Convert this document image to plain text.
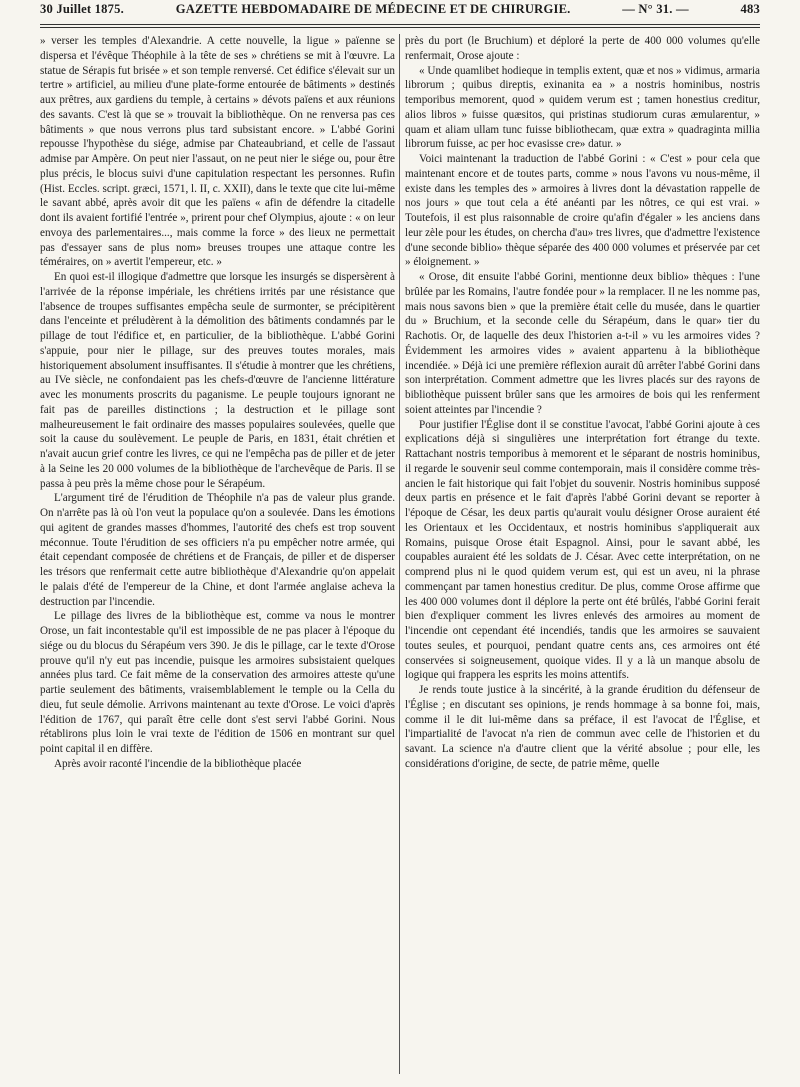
30 Juillet 1875.	GAZETTE HEBDOMADAIRE DE MÉDECINE ET DE CHIRURGIE.	— N° 31. —	483

» verser les temples d'Alexandrie. A cette nouvelle, la ligue » païenne se dispersa et l'évêque Théophile à la tête de ses » chrétiens se mit à l'œuvre. La statue de Sérapis fut brisée » et son temple renversé. Cet édifice s'élevait sur un tertre » artificiel, au milieu d'une plate-forme entourée de bâtiments » destinés aux prêtres, aux gardiens du temple, à certains » dévots païens et aux réunions des savants. C'est là que se » trouvait la bibliothèque. On ne renversa pas ces bâtiments » que nous verrons plus tard subsistant encore. » L'abbé Gorini repousse l'hypothèse du siége, admise par Chateaubriand, et celle de l'assaut admise par Ampère. On peut nier l'assaut, on ne peut nier le siége ou, pour être plus précis, le blocus suivi d'une capitulation respectant les personnes. Rufin (Hist. Eccles. script. græci, 1571, l. II, c. XXII), dans le texte que cite lui-même le savant abbé, après avoir dit que les païens « afin de défendre la citadelle dont ils avaient fortifié l'entrée », prirent pour chef Olympius, ajoute : « on leur envoya des parlementaires..., mais comme la force » des lieux ne permettait pas d'essayer sans de plus nom» breuses troupes une attaque contre les téméraires, on » avertit l'empereur, etc. »

En quoi est-il illogique d'admettre que lorsque les insurgés se dispersèrent à l'arrivée de la réponse impériale, les chrétiens irrités par une résistance que l'absence de troupes suffisantes empêcha seule de surmonter, se précipitèrent dans l'enceinte et préludèrent à la démolition des bâtiments condamnés par le pillage de tout l'édifice et, en particulier, de la bibliothèque. L'abbé Gorini s'appuie, pour nier le pillage, sur des preuves toutes morales, mais historiquement absolument insuffisantes. Il s'étudie à montrer que les chrétiens, au IVe siècle, ne confondaient pas les chefs-d'œuvre de l'ancienne littérature avec les monuments proscrits du paganisme. Le peuple toujours ignorant ne fait pas de pareilles distinctions ; la destruction et le pillage sont malheureusement le fait ordinaire des masses populaires soulevées, quelle que soit la cause du soulèvement. Le peuple de Paris, en 1831, était chrétien et n'avait aucun grief contre les livres, ce qui ne l'empêcha pas de piller et de jeter à la Seine les 20 000 volumes de la bibliothèque de l'archevêque de Paris. Il se passa à peu près la même chose pour le Sérapéum.

L'argument tiré de l'érudition de Théophile n'a pas de valeur plus grande. On n'arrête pas là où l'on veut la populace qu'on a soulevée. Dans les émotions qui agitent de grandes masses d'hommes, l'autorité des chefs est trop souvent méconnue. Toute l'érudition de ses officiers n'a pu empêcher notre armée, qui était cependant composée de chrétiens et de Français, de piller et de disperser les trésors que renfermait cette autre bibliothèque d'Alexandrie qu'on appelait le palais d'été de l'empereur de la Chine, et dont l'armée anglaise acheva la destruction par l'incendie.

Le pillage des livres de la bibliothèque est, comme va nous le montrer Orose, un fait incontestable qu'il est impossible de ne pas placer à l'époque du siége ou du blocus du Sérapéum vers 390. Je dis le pillage, car le texte d'Orose prouve qu'il n'y eut pas incendie, puisque les armoires subsistaient quelques années plus tard. Ce fait même de la conservation des armoires atteste qu'une partie seulement des bâtiments, vraisemblablement le temple ou la Cella du dieu, fut seule démolie. Arrivons maintenant au texte d'Orose. Le voici d'après l'édition de 1767, qui paraît être celle dont s'est servi l'abbé Gorini. Nous rétablirons plus loin le vrai texte de l'édition de 1506 en montrant sur quel point capital il en diffère.

Après avoir raconté l'incendie de la bibliothèque placée

près du port (le Bruchium) et déploré la perte de 400 000 volumes qu'elle renfermait, Orose ajoute :

« Unde quamlibet hodieque in templis extent, quæ et nos » vidimus, armaria librorum ; quibus direptis, exinanita ea » a nostris hominibus, nostris temporibus memorent, quod » quidem verum est ; tamen honestius creditur, alios libros » fuisse quæsitos, qui pristinas studiorum curas æmularentur, » quam et aliam ullam tunc fuisse bibliothecam, quæ extra » quadraginta millia librorum fuisse, ac per hoc evasisse cre» datur. »

Voici maintenant la traduction de l'abbé Gorini : « C'est » pour cela que maintenant encore et de toutes parts, comme » nous l'avons vu nous-même, il existe dans les temples des » armoires à livres dont la dévastation rappelle de nos jours » que tout cela a été anéanti par les nôtres, ce qui est vrai. » Toutefois, il est plus raisonnable de croire qu'afin d'égaler » les anciens dans leur zèle pour les études, on chercha d'au» tres livres, que d'admettre l'existence d'une seconde biblio» thèque séparée des 400 000 volumes et préservée par cet » éloignement. »

« Orose, dit ensuite l'abbé Gorini, mentionne deux biblio» thèques : l'une brûlée par les Romains, l'autre fondée pour » la remplacer. Il ne les nomme pas, mais nous savons bien » que la première était celle du musée, dans le quartier du » Bruchium, et la seconde celle du Sérapéum, dans le quar» tier du Rachotis. Or, de laquelle des deux l'historien a-t-il » vu les armoires vides ? Évidemment les armoires vides » avaient appartenu à la bibliothèque incendiée. » Déjà ici une première réflexion aurait dû arrêter l'abbé Gorini dans son interprétation. Comment admettre que les livres placés sur des rayons de bibliothèque puissent brûler sans que les armoires de bois qui les renferment soient atteintes par l'incendie ?

Pour justifier l'Église dont il se constitue l'avocat, l'abbé Gorini ajoute à ces explications déjà si singulières une interprétation fort étrange du texte. Rattachant nostris temporibus à memorent et le séparant de nostris hominibus, il regarde le souvenir seul comme contemporain, mais il considère comme très-ancien le fait historique qui fait l'objet du souvenir. Nostris hominibus supposé deux partis en présence et le fait d'après l'abbé Gorini devant se reporter à l'époque de César, les deux partis qu'aurait voulu désigner Orose auraient été les Orientaux et les Occidentaux, et nostris hominibus s'appliquerait aux Romains, puisque Orose était Espagnol. Ainsi, pour le savant abbé, les coupables auraient été les soldats de J. César. Avec cette interprétation, on ne comprend plus ni le quod quidem verum est, qui est un aveu, ni la phrase commençant par tamen honestius creditur. De plus, comme Orose affirme que les 400 000 volumes dont il déplore la perte ont été brûlés, l'abbé Gorini ferait bien d'expliquer comment les livres enlevés des armoires au moment de l'incendie ont cependant été incendiés, tandis que les armoires se sauvaient toutes seules, et pourquoi, pendant quatre cents ans, ces armoires ont été conservées si soigneusement, quoique vides. Il y a là un manque absolu de logique qui frappera les esprits les moins attentifs.

Je rends toute justice à la sincérité, à la grande érudition du défenseur de l'Église ; en discutant ses opinions, je rends hommage à sa bonne foi, mais, comme il le dit lui-même dans sa préface, il est l'avocat de l'Église, et l'impartialité de l'avocat n'a rien de commun avec celle de l'historien et du savant. La science n'a d'autre client que la vérité absolue ; pour elle, les considérations d'origine, de secte, de patrie même, quelle
